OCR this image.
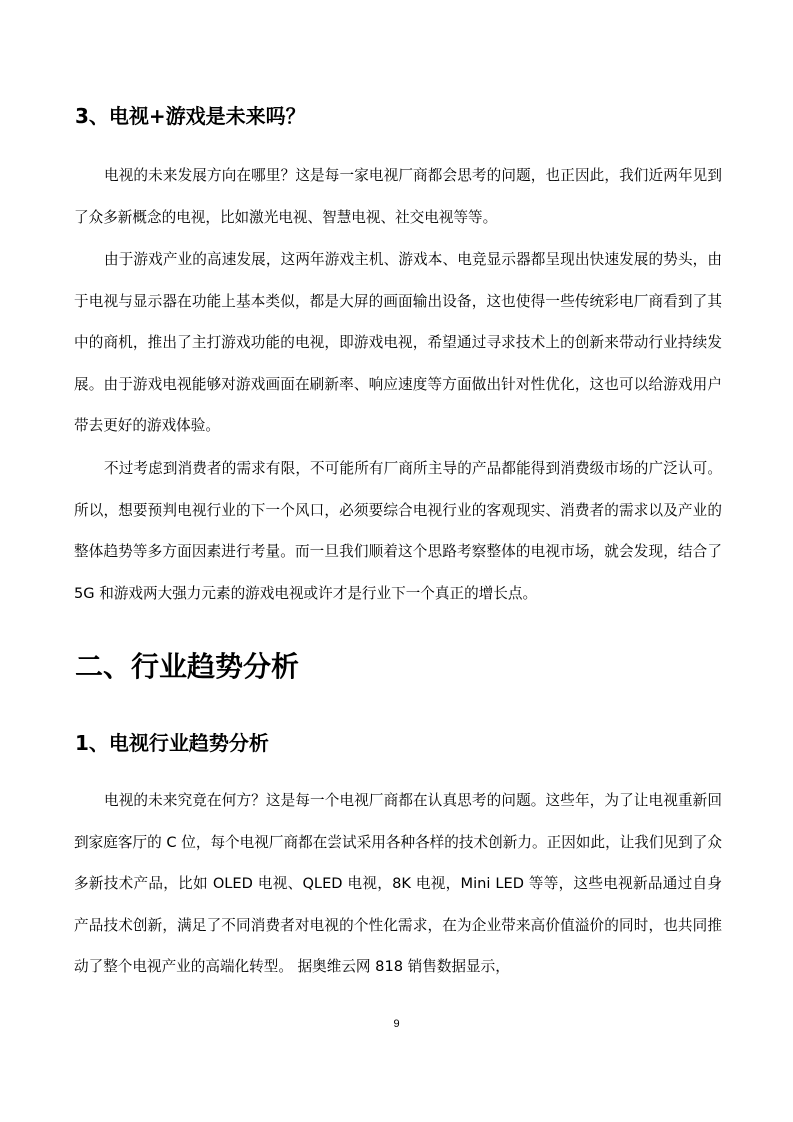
3、电视+游戏是未来吗？

电视的未来发展方向在哪里？这是每一家电视厂商都会思考的问题，也正因此，我们近两年见到了众多新概念的电视，比如激光电视、智慧电视、社交电视等等。

由于游戏产业的高速发展，这两年游戏主机、游戏本、电竞显示器都呈现出快速发展的势头，由于电视与显示器在功能上基本类似，都是大屏的画面输出设备，这也使得一些传统彩电厂商看到了其中的商机，推出了主打游戏功能的电视，即游戏电视，希望通过寻求技术上的创新来带动行业持续发展。由于游戏电视能够对游戏画面在刷新率、响应速度等方面做出针对性优化，这也可以给游戏用户带去更好的游戏体验。

不过考虑到消费者的需求有限，不可能所有厂商所主导的产品都能得到消费级市场的广泛认可。所以，想要预判电视行业的下一个风口，必须要综合电视行业的客观现实、消费者的需求以及产业的整体趋势等多方面因素进行考量。而一旦我们顺着这个思路考察整体的电视市场，就会发现，结合了 5G 和游戏两大强力元素的游戏电视或许才是行业下一个真正的增长点。

二、行业趋势分析
1、电视行业趋势分析

电视的未来究竟在何方？这是每一个电视厂商都在认真思考的问题。这些年，为了让电视重新回到家庭客厅的 C 位，每个电视厂商都在尝试采用各种各样的技术创新力。正因如此，让我们见到了众多新技术产品，比如 OLED 电视、QLED 电视，8K 电视，Mini LED 等等，这些电视新品通过自身产品技术创新，满足了不同消费者对电视的个性化需求，在为企业带来高价值溢价的同时，也共同推动了整个电视产业的高端化转型。 据奥维云网 818 销售数据显示，

9
